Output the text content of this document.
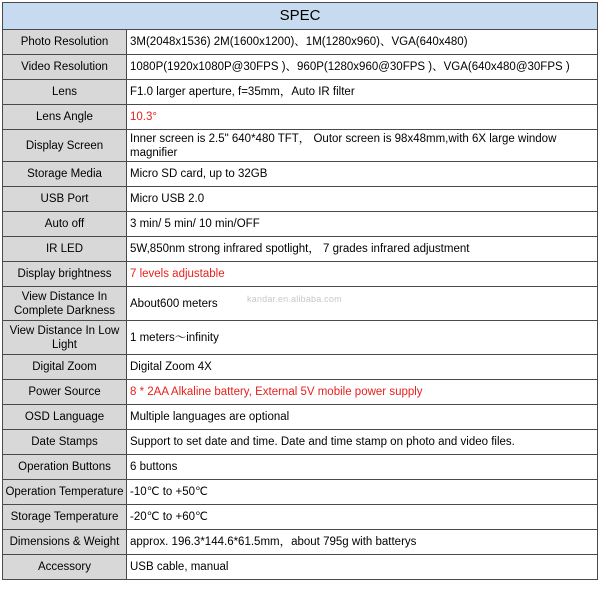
SPEC	
Photo Resolution	3M(2048x1536) 2M(1600x1200)、1M(1280x960)、VGA(640x480)
Video Resolution	1080P(1920x1080P@30FPS )、960P(1280x960@30FPS )、VGA(640x480@30FPS )
Lens	F1.0 larger aperture, f=35mm，Auto IR filter
Lens Angle	10.3°
Display Screen	Inner screen is 2.5" 640*480 TFT， Outor screen is 98x48mm,with 6X large window magnifier
Storage Media	Micro SD card, up to 32GB
USB Port	Micro USB 2.0
Auto off	3 min/ 5 min/ 10 min/OFF
IR LED	5W,850nm strong infrared spotlight， 7 grades infrared adjustment
Display brightness	7 levels adjustable
View Distance In Complete Darkness	About600 meters
View Distance In Low Light	1 meters～infinity
Digital Zoom	Digital Zoom 4X
Power Source	8 * 2AA Alkaline battery, External 5V mobile power supply
OSD Language	Multiple languages are optional
Date Stamps	Support to set date and time. Date and time stamp on photo and video files.
Operation Buttons	6 buttons
Operation Temperature	-10℃ to +50℃
Storage Temperature	-20℃ to +60℃
Dimensions & Weight	approx. 196.3*144.6*61.5mm，about 795g with batterys
Accessory	USB cable, manual
kandar.en.alibaba.com
